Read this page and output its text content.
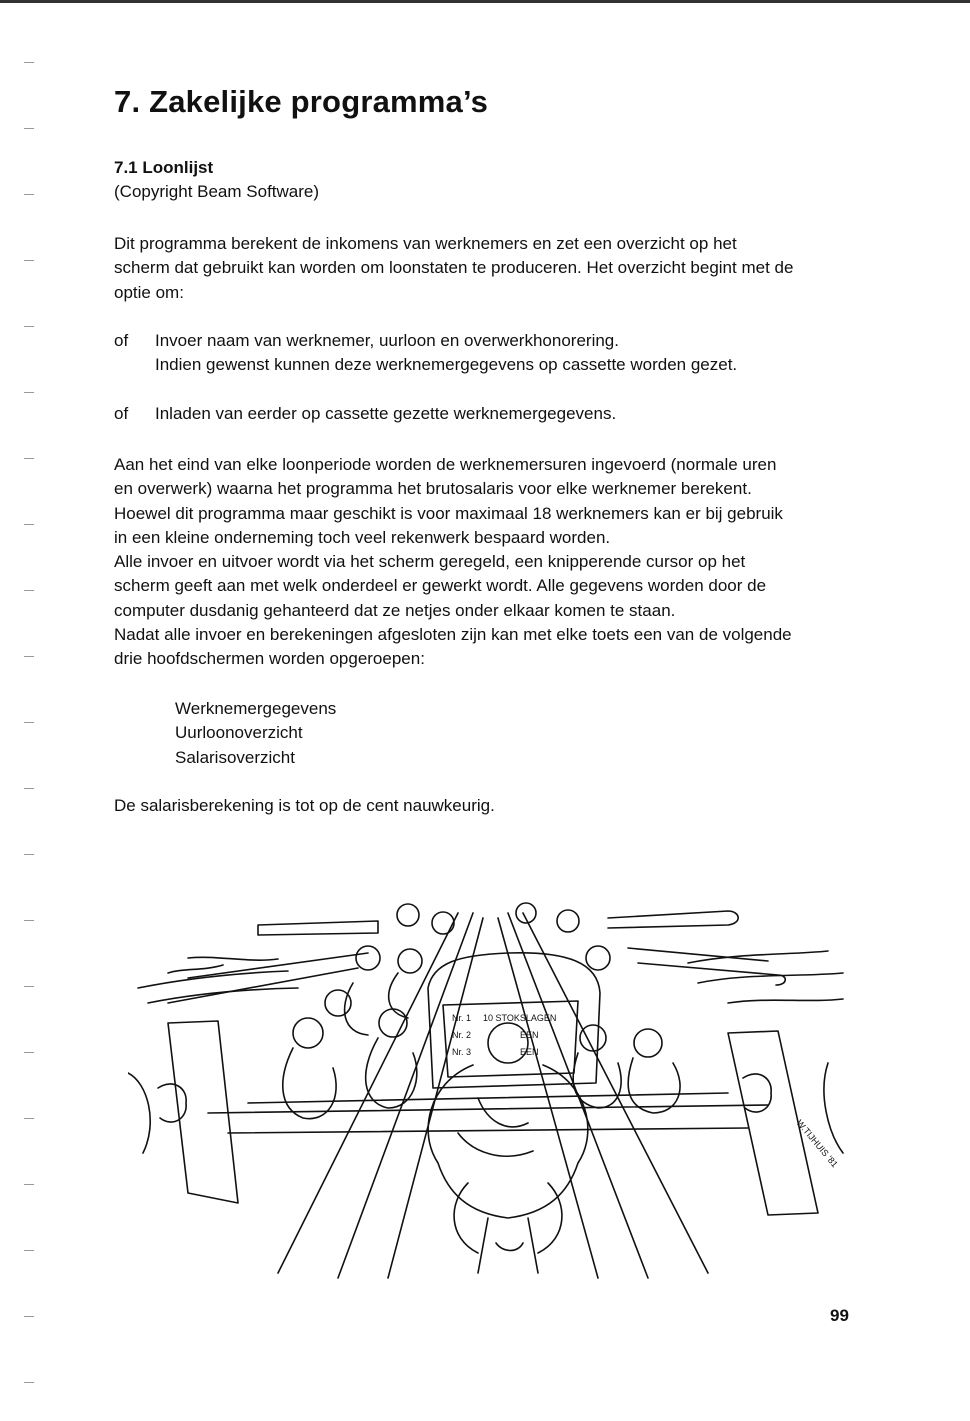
7. Zakelijke programma’s
7.1 Loonlijst
(Copyright Beam Software)
Dit programma berekent de inkomens van werknemers en zet een overzicht op het
scherm dat gebruikt kan worden om loonstaten te produceren. Het overzicht begint met de
optie om:
of Invoer naam van werknemer, uurloon en overwerkhonorering.
Indien gewenst kunnen deze werknemergegevens op cassette worden gezet.
of Inladen van eerder op cassette gezette werknemergegevens.
Aan het eind van elke loonperiode worden de werknemersuren ingevoerd (normale uren
en overwerk) waarna het programma het brutosalaris voor elke werknemer berekent.
Hoewel dit programma maar geschikt is voor maximaal 18 werknemers kan er bij gebruik
in een kleine onderneming toch veel rekenwerk bespaard worden.
Alle invoer en uitvoer wordt via het scherm geregeld, een knipperende cursor op het
scherm geeft aan met welk onderdeel er gewerkt wordt. Alle gegevens worden door de
computer dusdanig gehanteerd dat ze netjes onder elkaar komen te staan.
Nadat alle invoer en berekeningen afgesloten zijn kan met elke toets een van de volgende
drie hoofdschermen worden opgeroepen:
Werknemergegevens
Uurloonoverzicht
Salarisoverzicht
De salarisberekening is tot op de cent nauwkeurig.
Nr. 1 10 STOKSLAGEN
Nr. 2	EEN
Nr. 3	EEN
W.TIJHUIS '81
99
